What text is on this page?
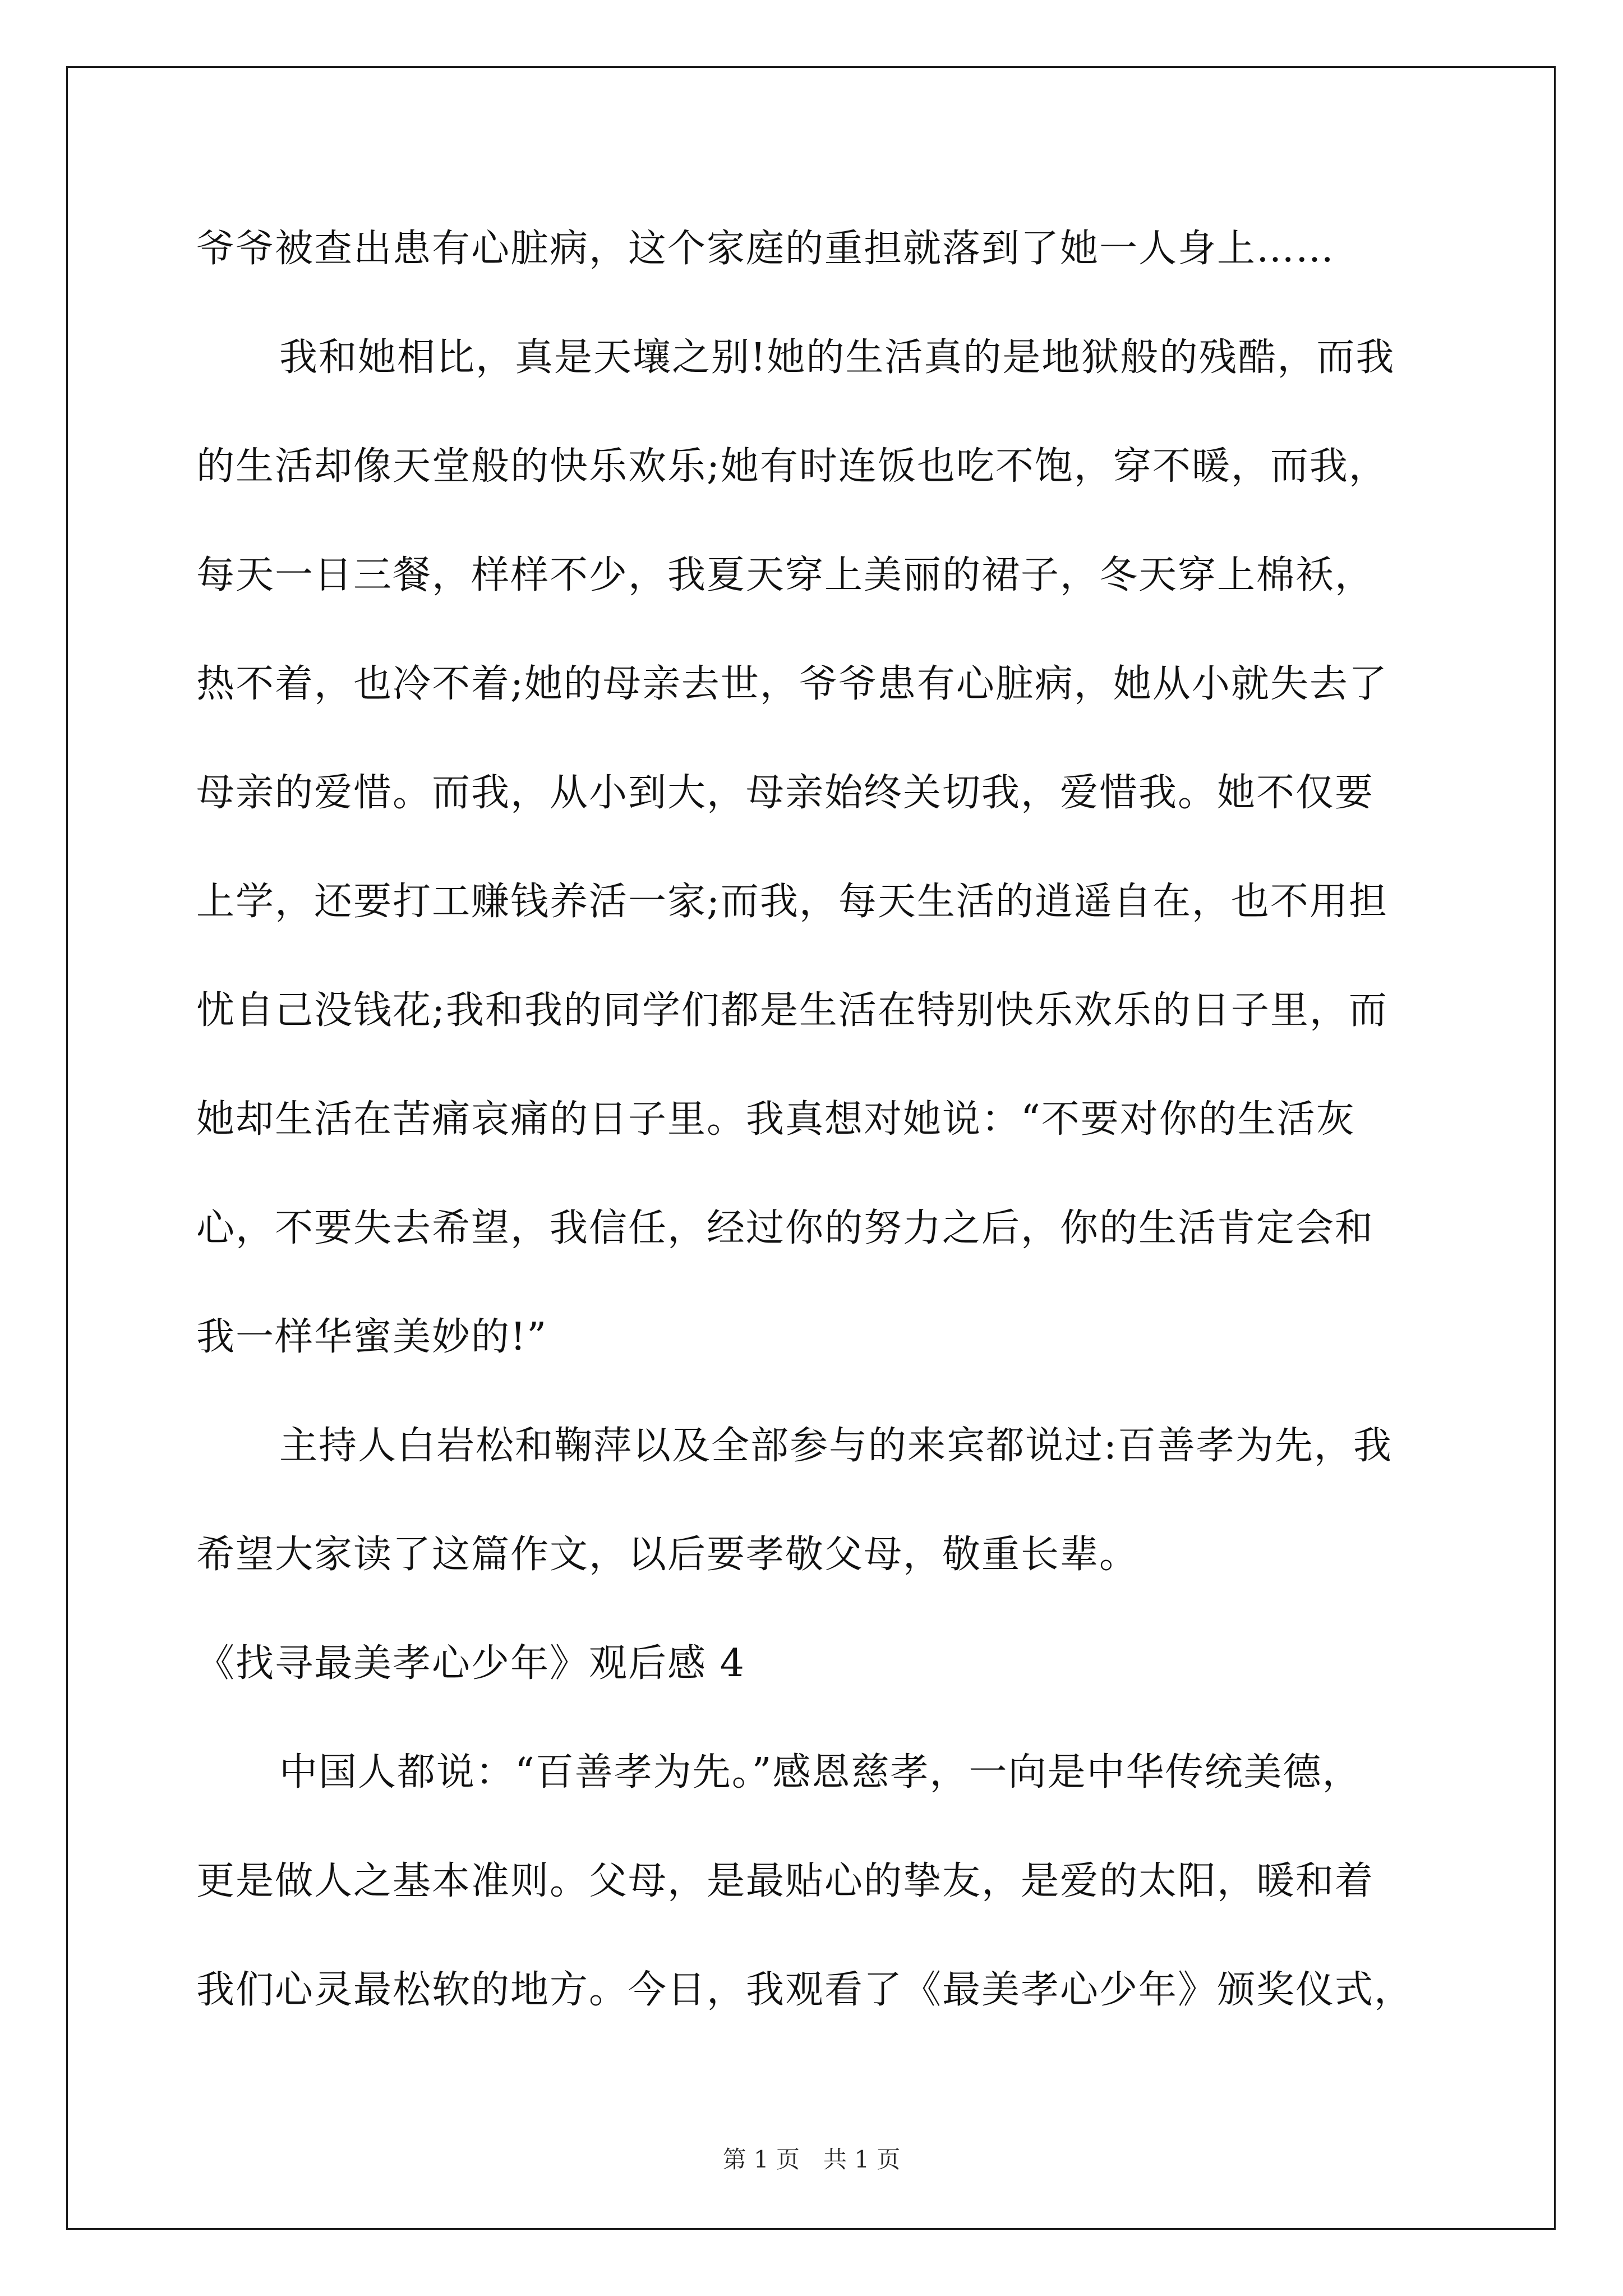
爷爷被查出患有心脏病，这个家庭的重担就落到了她一人身上……
我和她相比，真是天壤之别!她的生活真的是地狱般的残酷，而我
的生活却像天堂般的快乐欢乐;她有时连饭也吃不饱，穿不暖，而我，
每天一日三餐，样样不少，我夏天穿上美丽的裙子，冬天穿上棉袄，
热不着，也冷不着;她的母亲去世，爷爷患有心脏病，她从小就失去了
母亲的爱惜。而我，从小到大，母亲始终关切我，爱惜我。她不仅要
上学，还要打工赚钱养活一家;而我，每天生活的逍遥自在，也不用担
忧自己没钱花;我和我的同学们都是生活在特别快乐欢乐的日子里，而
她却生活在苦痛哀痛的日子里。我真想对她说：“不要对你的生活灰
心，不要失去希望，我信任，经过你的努力之后，你的生活肯定会和
我一样华蜜美妙的!”
主持人白岩松和鞠萍以及全部参与的来宾都说过:百善孝为先，我
希望大家读了这篇作文，以后要孝敬父母，敬重长辈。
《找寻最美孝心少年》观后感 4
中国人都说：“百善孝为先。”感恩慈孝，一向是中华传统美德，
更是做人之基本准则。父母，是最贴心的挚友，是爱的太阳，暖和着
我们心灵最松软的地方。今日，我观看了《最美孝心少年》颁奖仪式，
第 1 页　共 1 页
